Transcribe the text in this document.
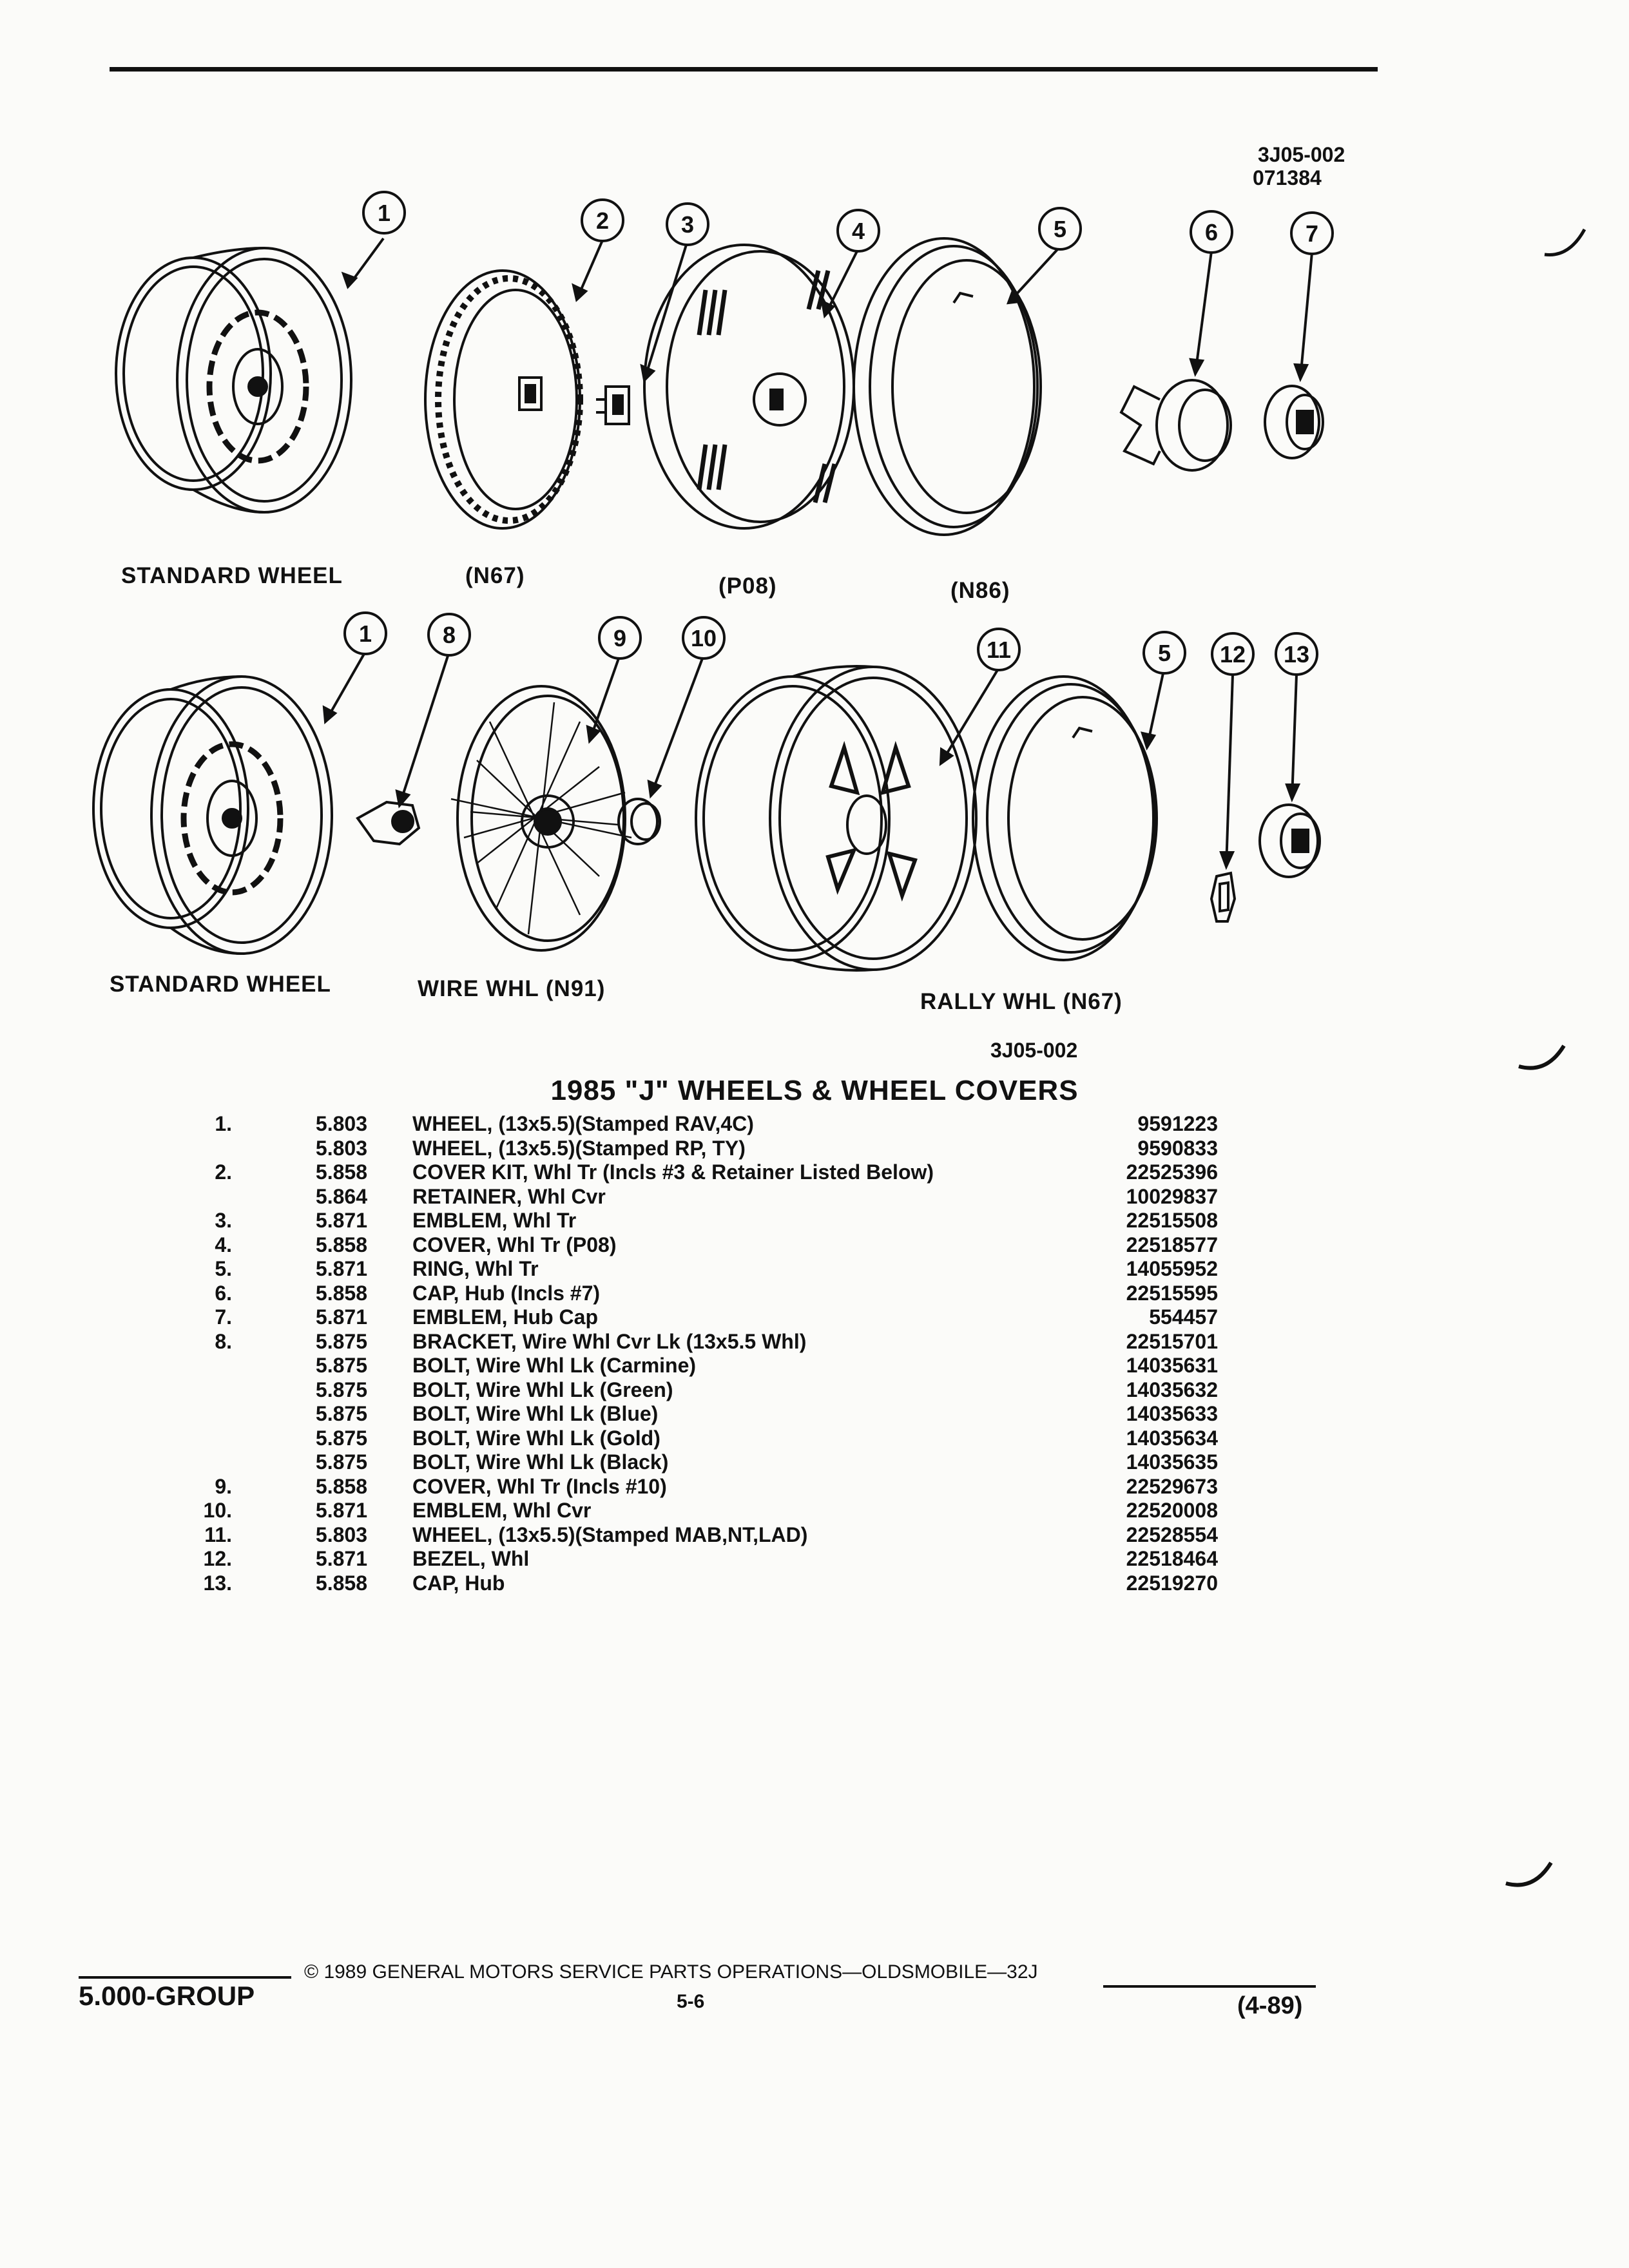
3J05-002
071384
1	2	3	4	5	6	7
1	8	9	10	11	5 12 13
STANDARD WHEEL	(N67)	(P08)	(N86)
STANDARD WHEEL	WIRE WHL (N91)
RALLY WHL (N67)
3J05-002
1985 "J" WHEELS & WHEEL COVERS
1.	5.803 WHEEL, (13x5.5)(Stamped RAV,4C)	9591223
5.803 WHEEL, (13x5.5)(Stamped RP, TY)	9590833
2.	5.858 COVER KIT, Whl Tr (Incls #3 & Retainer Listed Below)	22525396
5.864 RETAINER, Whl Cvr	10029837
3.	5.871 EMBLEM, Whl Tr	22515508
4.	5.858 COVER, Whl Tr (P08)	22518577
5.	5.871 RING, Whl Tr	14055952
6.	5.858 CAP, Hub (Incls #7)	22515595
7.	5.871 EMBLEM, Hub Cap	554457
8.	5.875 BRACKET, Wire Whl Cvr Lk (13x5.5 Whl)	22515701
5.875 BOLT, Wire Whl Lk (Carmine)	14035631
5.875 BOLT, Wire Whl Lk (Green)	14035632
5.875 BOLT, Wire Whl Lk (Blue)	14035633
5.875 BOLT, Wire Whl Lk (Gold)	14035634
5.875 BOLT, Wire Whl Lk (Black)	14035635
9.	5.858 COVER, Whl Tr (Incls #10)	22529673
10.	5.871 EMBLEM, Whl Cvr	22520008
11.	5.803 WHEEL, (13x5.5)(Stamped MAB,NT,LAD)	22528554
12.	5.871 BEZEL, Whl	22518464
13.	5.858 CAP, Hub	22519270
5.000-GROUP
© 1989 GENERAL MOTORS SERVICE PARTS OPERATIONS—OLDSMOBILE—32J
5-6	(4-89)
